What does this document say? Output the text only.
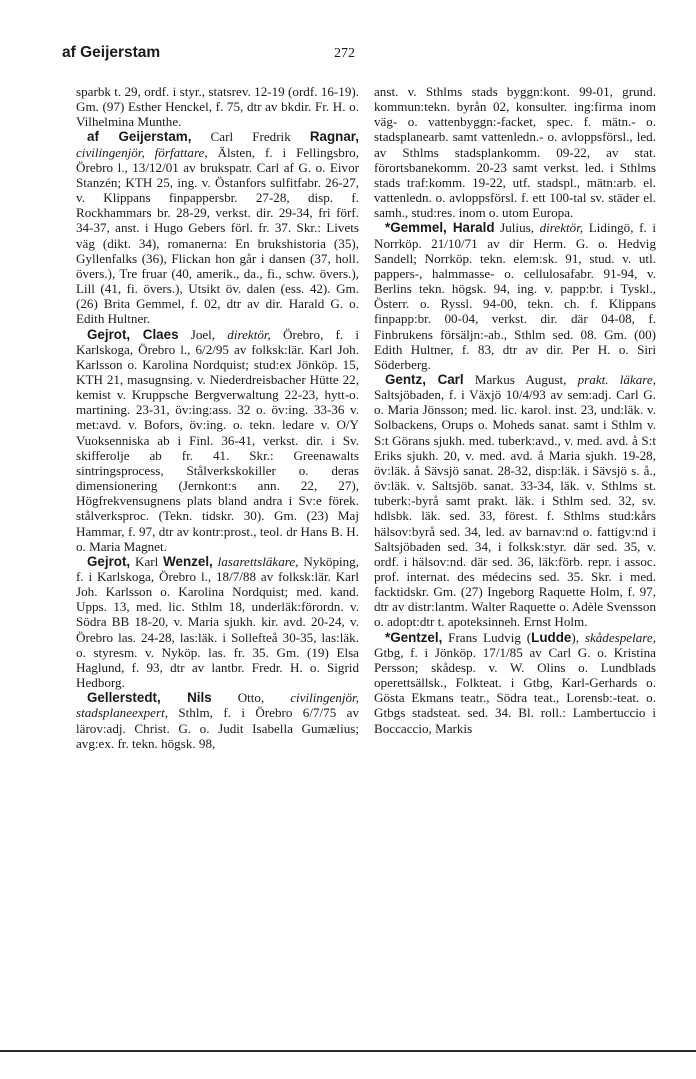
af Geijerstam	272

sparbk t. 29, ordf. i styr., statsrev. 12-19 (ordf. 16-19). Gm. (97) Esther Henckel, f. 75, dtr av bkdir. Fr. H. o. Vilhelmina Munthe.

af Geijerstam, Carl Fredrik Ragnar, civilingenjör, författare, Älsten, f. i Fellingsbro, Örebro l., 13/12/01 av brukspatr. Carl af G. o. Eivor Stanzén; KTH 25, ing. v. Östanfors sulfitfabr. 26-27, v. Klippans finpappersbr. 27-28, disp. f. Rockhammars br. 28-29, verkst. dir. 29-34, fri förf. 34-37, anst. i Hugo Gebers förl. fr. 37. Skr.: Livets väg (dikt. 34), romanerna: En brukshistoria (35), Gyllenfalks (36), Flickan hon går i dansen (37, holl. övers.), Tre fruar (40, amerik., da., fi., schw. övers.), Lill (41, fi. övers.), Utsikt öv. dalen (ess. 42). Gm. (26) Brita Gemmel, f. 02, dtr av dir. Harald G. o. Edith Hultner.

Gejrot, Claes Joel, direktör, Örebro, f. i Karlskoga, Örebro l., 6/2/95 av folksk:lär. Karl Joh. Karlsson o. Karolina Nordquist; stud:ex Jönköp. 15, KTH 21, masugnsing. v. Niederdreisbacher Hütte 22, kemist v. Kruppsche Bergverwaltung 22-23, hytt-o. martining. 23-31, öv:ing:ass. 32 o. öv:ing. 33-36 v. met:avd. v. Bofors, öv:ing. o. tekn. ledare v. O/Y Vuoksenniska ab i Finl. 36-41, verkst. dir. i Sv. skifferolje ab fr. 41. Skr.: Greenawalts sintringsprocess, Stålverkskokiller o. deras dimensionering (Jernkont:s ann. 22, 27), Högfrekvensugnens plats bland andra i Sv:e förek. stålverksproc. (Tekn. tidskr. 30). Gm. (23) Maj Hammar, f. 97, dtr av kontr:prost., teol. dr Hans B. H. o. Maria Magnet.

Gejrot, Karl Wenzel, lasarettsläkare, Nyköping, f. i Karlskoga, Örebro l., 18/7/88 av folksk:lär. Karl Joh. Karlsson o. Karolina Nordquist; med. kand. Upps. 13, med. lic. Sthlm 18, underläk:förordn. v. Södra BB 18-20, v. Maria sjukh. kir. avd. 20-24, v. Örebro las. 24-28, las:läk. i Sollefteå 30-35, las:läk. o. styresm. v. Nyköp. las. fr. 35. Gm. (19) Elsa Haglund, f. 93, dtr av lantbr. Fredr. H. o. Sigrid Hedborg.

Gellerstedt, Nils Otto, civilingenjör, stadsplaneexpert, Sthlm, f. i Örebro 6/7/75 av lärov:adj. Christ. G. o. Judit Isabella Gumælius; avg:ex. fr. tekn. högsk. 98,

anst. v. Sthlms stads byggn:kont. 99-01, grund. kommun:tekn. byrån 02, konsulter. ing:firma inom väg- o. vattenbyggn:-facket, spec. f. mätn.- o. stadsplanearb. samt vattenledn.- o. avloppsförsl., led. av Sthlms stadsplankomm. 09-22, av stat. förortsbanekomm. 20-23 samt verkst. led. i Sthlms stads traf:komm. 19-22, utf. stadspl., mätn:arb. el. vattenledn. o. avloppsförsl. f. ett 100-tal sv. städer el. samh., stud:res. inom o. utom Europa.

*Gemmel, Harald Julius, direktör, Lidingö, f. i Norrköp. 21/10/71 av dir Herm. G. o. Hedvig Sandell; Norrköp. tekn. elem:sk. 91, stud. v. utl. pappers-, halmmasse- o. cellulosafabr. 91-94, v. Berlins tekn. högsk. 94, ing. v. papp:br. i Tyskl., Österr. o. Ryssl. 94-00, tekn. ch. f. Klippans finpapp:br. 00-04, verkst. dir. där 04-08, f. Finbrukens försäljn:-ab., Sthlm sed. 08. Gm. (00) Edith Hultner, f. 83, dtr av dir. Per H. o. Siri Söderberg.

Gentz, Carl Markus August, prakt. läkare, Saltsjöbaden, f. i Växjö 10/4/93 av sem:adj. Carl G. o. Maria Jönsson; med. lic. karol. inst. 23, und:läk. v. Solbackens, Orups o. Moheds sanat. samt i Sthlm v. S:t Görans sjukh. med. tuberk:avd., v. med. avd. å S:t Eriks sjukh. 20, v. med. avd. å Maria sjukh. 19-28, öv:läk. å Sävsjö sanat. 28-32, disp:läk. i Sävsjö s. å., öv:läk. v. Saltsjöb. sanat. 33-34, läk. v. Sthlms st. tuberk:-byrå samt prakt. läk. i Sthlm sed. 32, sv. hdlsbk. läk. sed. 33, förest. f. Sthlms stud:kårs hälsov:byrå sed. 34, led. av barnav:nd o. fattigv:nd i Saltsjöbaden sed. 34, i folksk:styr. där sed. 35, v. ordf. i hälsov:nd. där sed. 36, läk:förb. repr. i assoc. prof. internat. des médecins sed. 35. Skr. i med. facktidskr. Gm. (27) Ingeborg Raquette Holm, f. 97, dtr av distr:lantm. Walter Raquette o. Adèle Svensson o. adopt:dtr t. apoteksinneh. Ernst Holm.

*Gentzel, Frans Ludvig (Ludde), skådespelare, Gtbg, f. i Jönköp. 17/1/85 av Carl G. o. Kristina Persson; skådesp. v. W. Olins o. Lundblads operettsällsk., Folkteat. i Gtbg, Karl-Gerhards o. Gösta Ekmans teatr., Södra teat., Lorensb:-teat. o. Gtbgs stadsteat. sed. 34. Bl. roll.: Lambertuccio i Boccaccio, Markis
